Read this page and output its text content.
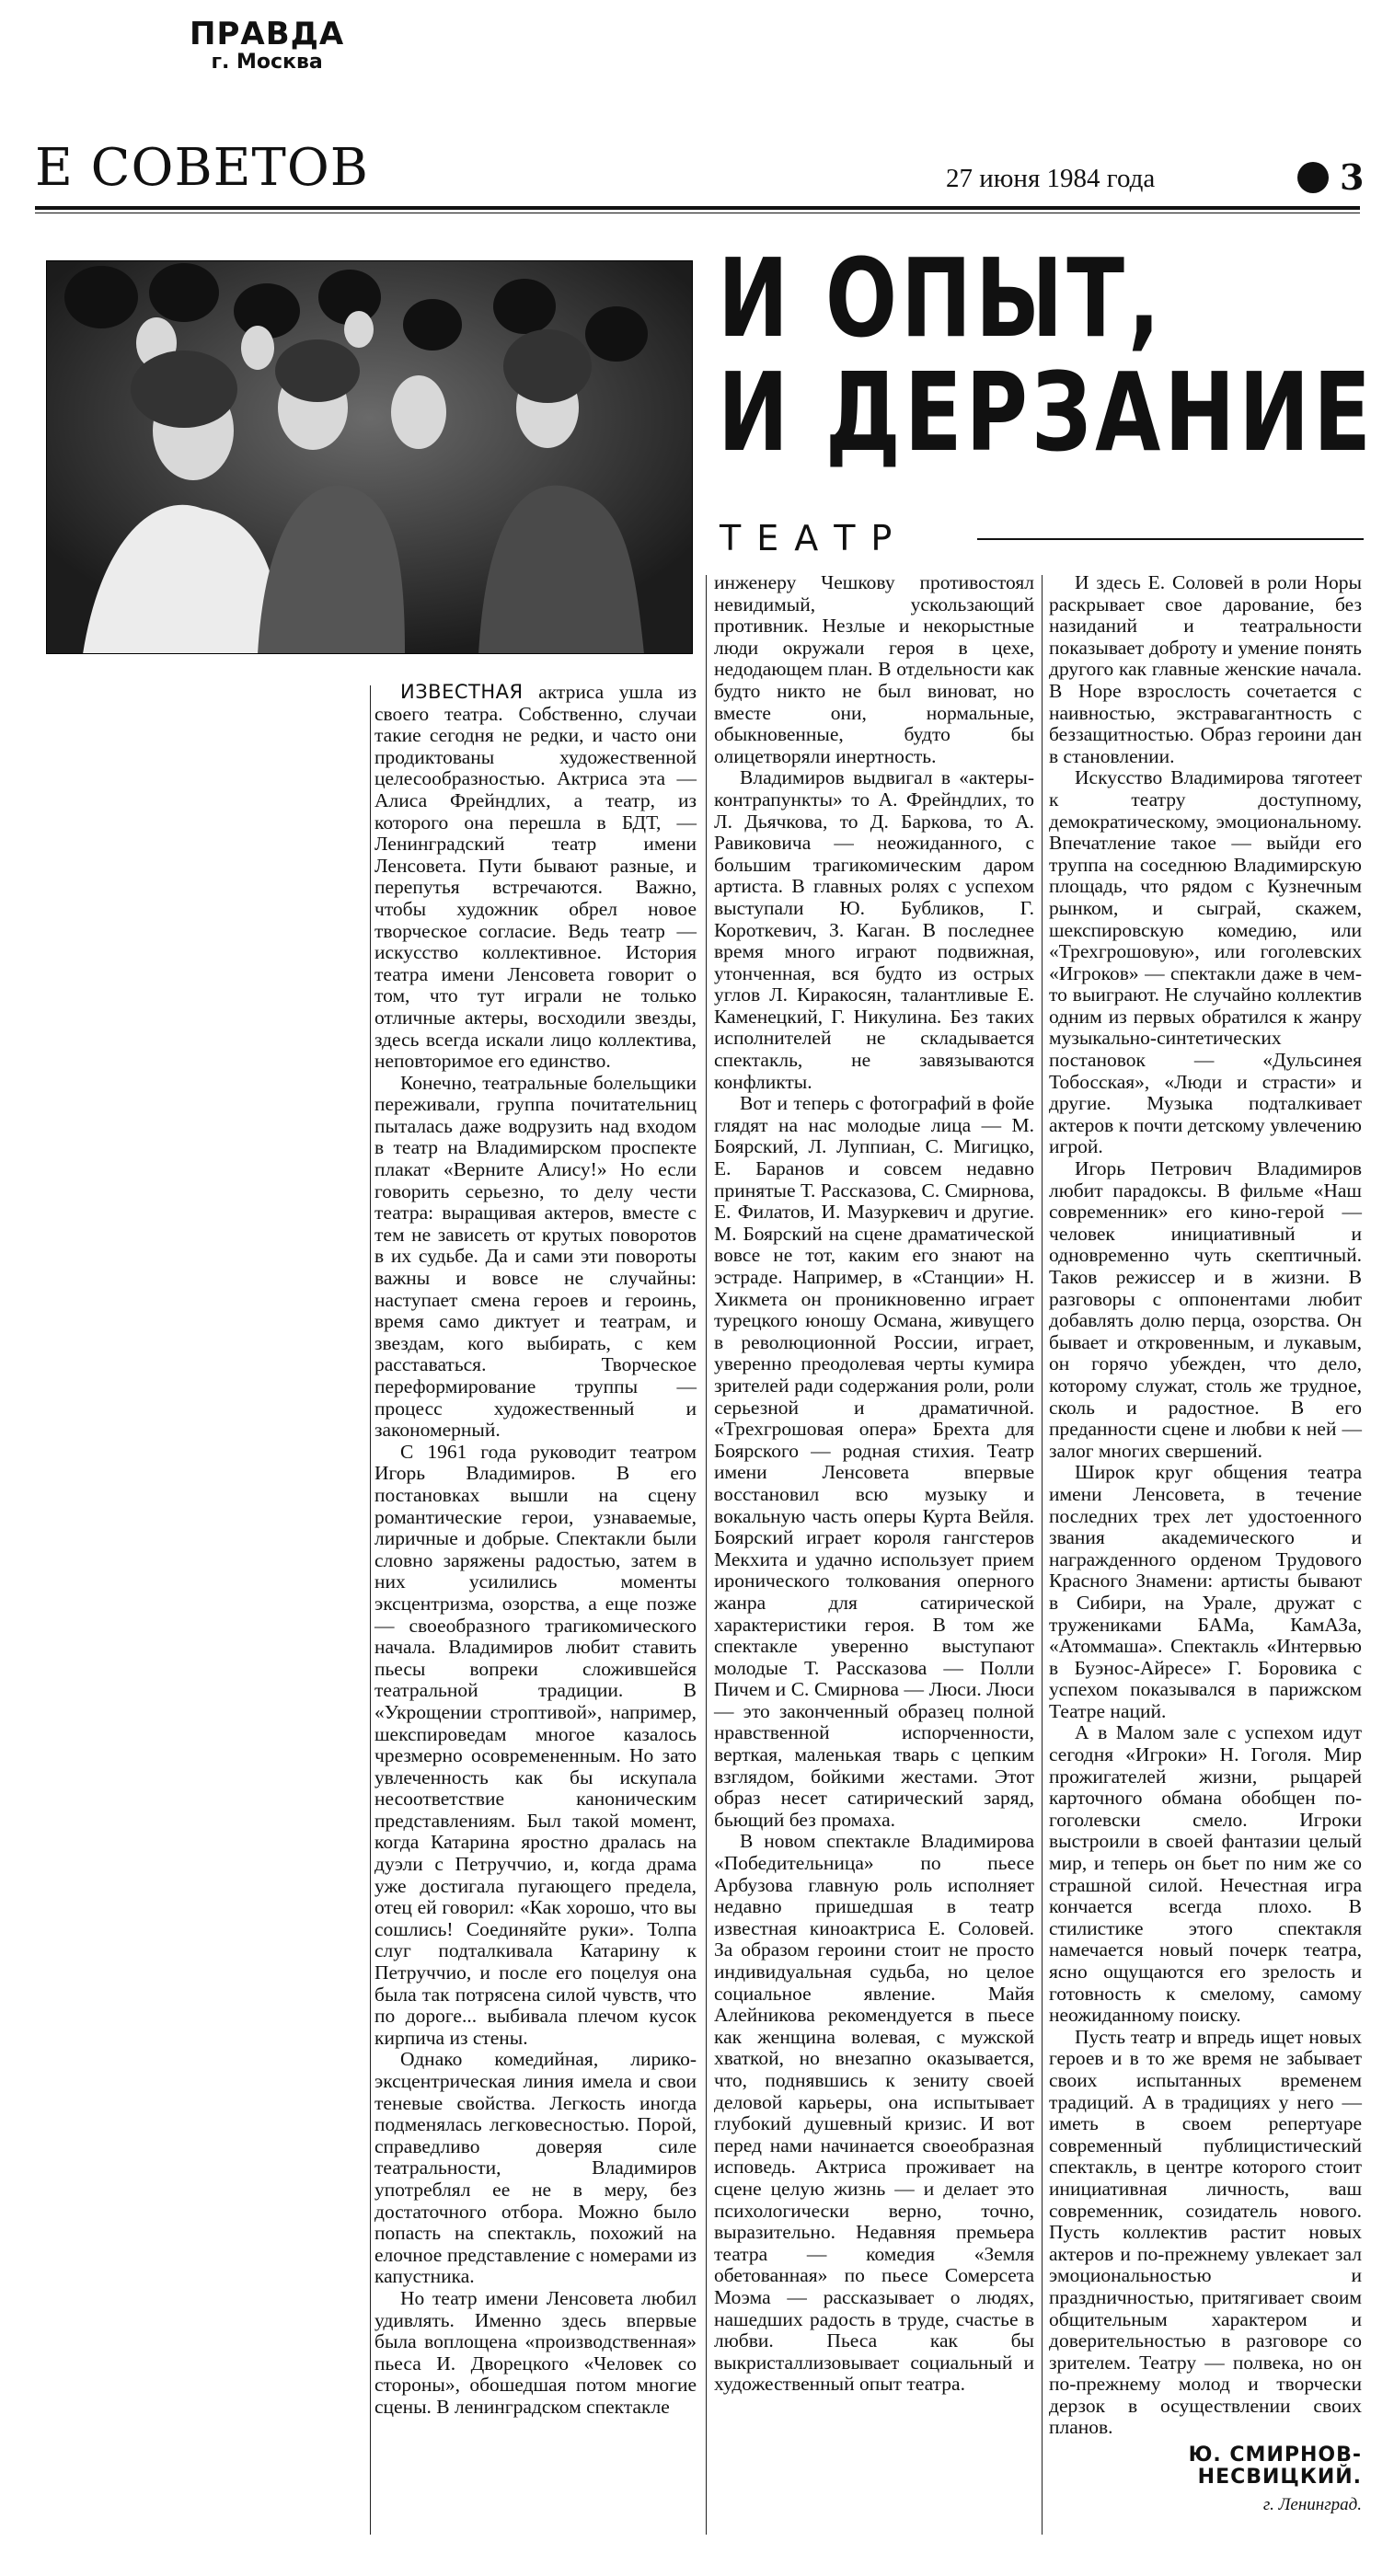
ПРАВДА
г. Москва
Е СОВЕТОВ	27 июня 1984 года	3
И ОПЫТ,
И ДЕРЗАНИЕ
ТЕАТР

ИЗВЕСТНАЯ актриса ушла из своего театра. Собственно, случаи такие сегодня не редки, и часто они продиктованы художественной целесообразностью. Актриса эта — Алиса Фрейндлих, а театр, из которого она перешла в БДТ, — Ленинградский театр имени Ленсовета. Пути бывают разные, и перепутья встречаются. Важно, чтобы художник обрел новое творческое согласие. Ведь театр — искусство коллективное. История театра имени Ленсовета говорит о том, что тут играли не только отличные актеры, восходили звезды, здесь всегда искали лицо коллектива, неповторимое его единство.

Конечно, театральные болельщики переживали, группа почитательниц пыталась даже водрузить над входом в театр на Владимирском проспекте плакат «Верните Алису!» Но если говорить серьезно, то делу чести театра: выращивая актеров, вместе с тем не зависеть от крутых поворотов в их судьбе. Да и сами эти повороты важны и вовсе не случайны: наступает смена героев и героинь, время само диктует и театрам, и звездам, кого выбирать, с кем расставаться. Творческое переформирование труппы — процесс художественный и закономерный.

С 1961 года руководит театром Игорь Владимиров. В его постановках вышли на сцену романтические герои, узнаваемые, лиричные и добрые. Спектакли были словно заряжены радостью, затем в них усилились моменты эксцентризма, озорства, а еще позже — своеобразного трагикомического начала. Владимиров любит ставить пьесы вопреки сложившейся театральной традиции. В «Укрощении строптивой», например, шекспироведам многое казалось чрезмерно осовремененным. Но зато увлеченность как бы искупала несоответствие каноническим представлениям. Был такой момент, когда Катарина яростно дралась на дуэли с Петруччио, и, когда драма уже достигала пугающего предела, отец ей говорил: «Как хорошо, что вы сошлись! Соединяйте руки». Толпа слуг подталкивала Катарину к Петруччио, и после его поцелуя она была так потрясена силой чувств, что по дороге... выбивала плечом кусок кирпича из стены.

Однако комедийная, лирико-эксцентрическая линия имела и свои теневые свойства. Легкость иногда подменялась легковесностью. Порой, справедливо доверяя силе театральности, Владимиров употреблял ее не в меру, без достаточного отбора. Можно было попасть на спектакль, похожий на елочное представление с номерами из капустника.

Но театр имени Ленсовета любил удивлять. Именно здесь впервые была воплощена «производственная» пьеса И. Дворецкого «Человек со стороны», обошедшая потом многие сцены. В ленинградском спектакле

инженеру Чешкову противостоял невидимый, ускользающий противник. Незлые и некорыстные люди окружали героя в цехе, недодающем план. В отдельности как будто никто не был виноват, но вместе они, нормальные, обыкновенные, будто бы олицетворяли инертность.

Владимиров выдвигал в «актеры-контрапункты» то А. Фрейндлих, то Л. Дьячкова, то Д. Баркова, то А. Равиковича — неожиданного, с большим трагикомическим даром артиста. В главных ролях с успехом выступали Ю. Бубликов, Г. Короткевич, З. Каган. В последнее время много играют подвижная, утонченная, вся будто из острых углов Л. Киракосян, талантливые Е. Каменецкий, Г. Никулина. Без таких исполнителей не складывается спектакль, не завязываются конфликты.

Вот и теперь с фотографий в фойе глядят на нас молодые лица — М. Боярский, Л. Луппиан, С. Мигицко, Е. Баранов и совсем недавно принятые Т. Рассказова, С. Смирнова, Е. Филатов, И. Мазуркевич и другие. М. Боярский на сцене драматической вовсе не тот, каким его знают на эстраде. Например, в «Станции» Н. Хикмета он проникновенно играет турецкого юношу Османа, живущего в революционной России, играет, уверенно преодолевая черты кумира зрителей ради содержания роли, роли серьезной и драматичной. «Трехгрошовая опера» Брехта для Боярского — родная стихия. Театр имени Ленсовета впервые восстановил всю музыку и вокальную часть оперы Курта Вейля. Боярский играет короля гангстеров Мекхита и удачно использует прием иронического толкования оперного жанра для сатирической характеристики героя. В том же спектакле уверенно выступают молодые Т. Рассказова — Полли Пичем и С. Смирнова — Люси. Люси — это законченный образец полной нравственной испорченности, верткая, маленькая тварь с цепким взглядом, бойкими жестами. Этот образ несет сатирический заряд, бьющий без промаха.

В новом спектакле Владимирова «Победительница» по пьесе Арбузова главную роль исполняет недавно пришедшая в театр известная киноактриса Е. Соловей. За образом героини стоит не просто индивидуальная судьба, но целое социальное явление. Майя Алейникова рекомендуется в пьесе как женщина волевая, с мужской хваткой, но внезапно оказывается, что, поднявшись к зениту своей деловой карьеры, она испытывает глубокий душевный кризис. И вот перед нами начинается своеобразная исповедь. Актриса проживает на сцене целую жизнь — и делает это психологически верно, точно, выразительно. Недавняя премьера театра — комедия «Земля обетованная» по пьесе Сомерсета Моэма — рассказывает о людях, нашедших радость в труде, счастье в любви. Пьеса как бы выкристаллизовывает социальный и художественный опыт театра.

И здесь Е. Соловей в роли Норы раскрывает свое дарование, без назиданий и театральности показывает доброту и умение понять другого как главные женские начала. В Норе взрослость сочетается с наивностью, экстравагантность с беззащитностью. Образ героини дан в становлении.

Искусство Владимирова тяготеет к театру доступному, демократическому, эмоциональному. Впечатление такое — выйди его труппа на соседнюю Владимирскую площадь, что рядом с Кузнечным рынком, и сыграй, скажем, шекспировскую комедию, или «Трехгрошовую», или гоголевских «Игроков» — спектакли даже в чем-то выиграют. Не случайно коллектив одним из первых обратился к жанру музыкально-синтетических постановок — «Дульсинея Тобосская», «Люди и страсти» и другие. Музыка подталкивает актеров к почти детскому увлечению игрой.

Игорь Петрович Владимиров любит парадоксы. В фильме «Наш современник» его кино-герой — человек инициативный и одновременно чуть скептичный. Таков режиссер и в жизни. В разговоры с оппонентами любит добавлять долю перца, озорства. Он бывает и откровенным, и лукавым, он горячо убежден, что дело, которому служат, столь же трудное, сколь и радостное. В его преданности сцене и любви к ней — залог многих свершений.

Широк круг общения театра имени Ленсовета, в течение последних трех лет удостоенного звания академического и награжденного орденом Трудового Красного Знамени: артисты бывают в Сибири, на Урале, дружат с тружениками БАМа, КамАЗа, «Атоммаша». Спектакль «Интервью в Буэнос-Айресе» Г. Боровика с успехом показывался в парижском Театре наций.

А в Малом зале с успехом идут сегодня «Игроки» Н. Гоголя. Мир прожигателей жизни, рыцарей карточного обмана обобщен по-гоголевски смело. Игроки выстроили в своей фантазии целый мир, и теперь он бьет по ним же со страшной силой. Нечестная игра кончается всегда плохо. В стилистике этого спектакля намечается новый почерк театра, ясно ощущаются его зрелость и готовность к смелому, самому неожиданному поиску.

Пусть театр и впредь ищет новых героев и в то же время не забывает своих испытанных временем традиций. А в традициях у него — иметь в своем репертуаре современный публицистический спектакль, в центре которого стоит инициативная личность, ваш современник, созидатель нового. Пусть коллектив растит новых актеров и по-прежнему увлекает зал эмоциональностью и праздничностью, притягивает своим общительным характером и доверительностью в разговоре со зрителем. Театру — полвека, но он по-прежнему молод и творчески дерзок в осуществлении своих планов.

Ю. СМИРНОВ-НЕСВИЦКИЙ.
г. Ленинград.
